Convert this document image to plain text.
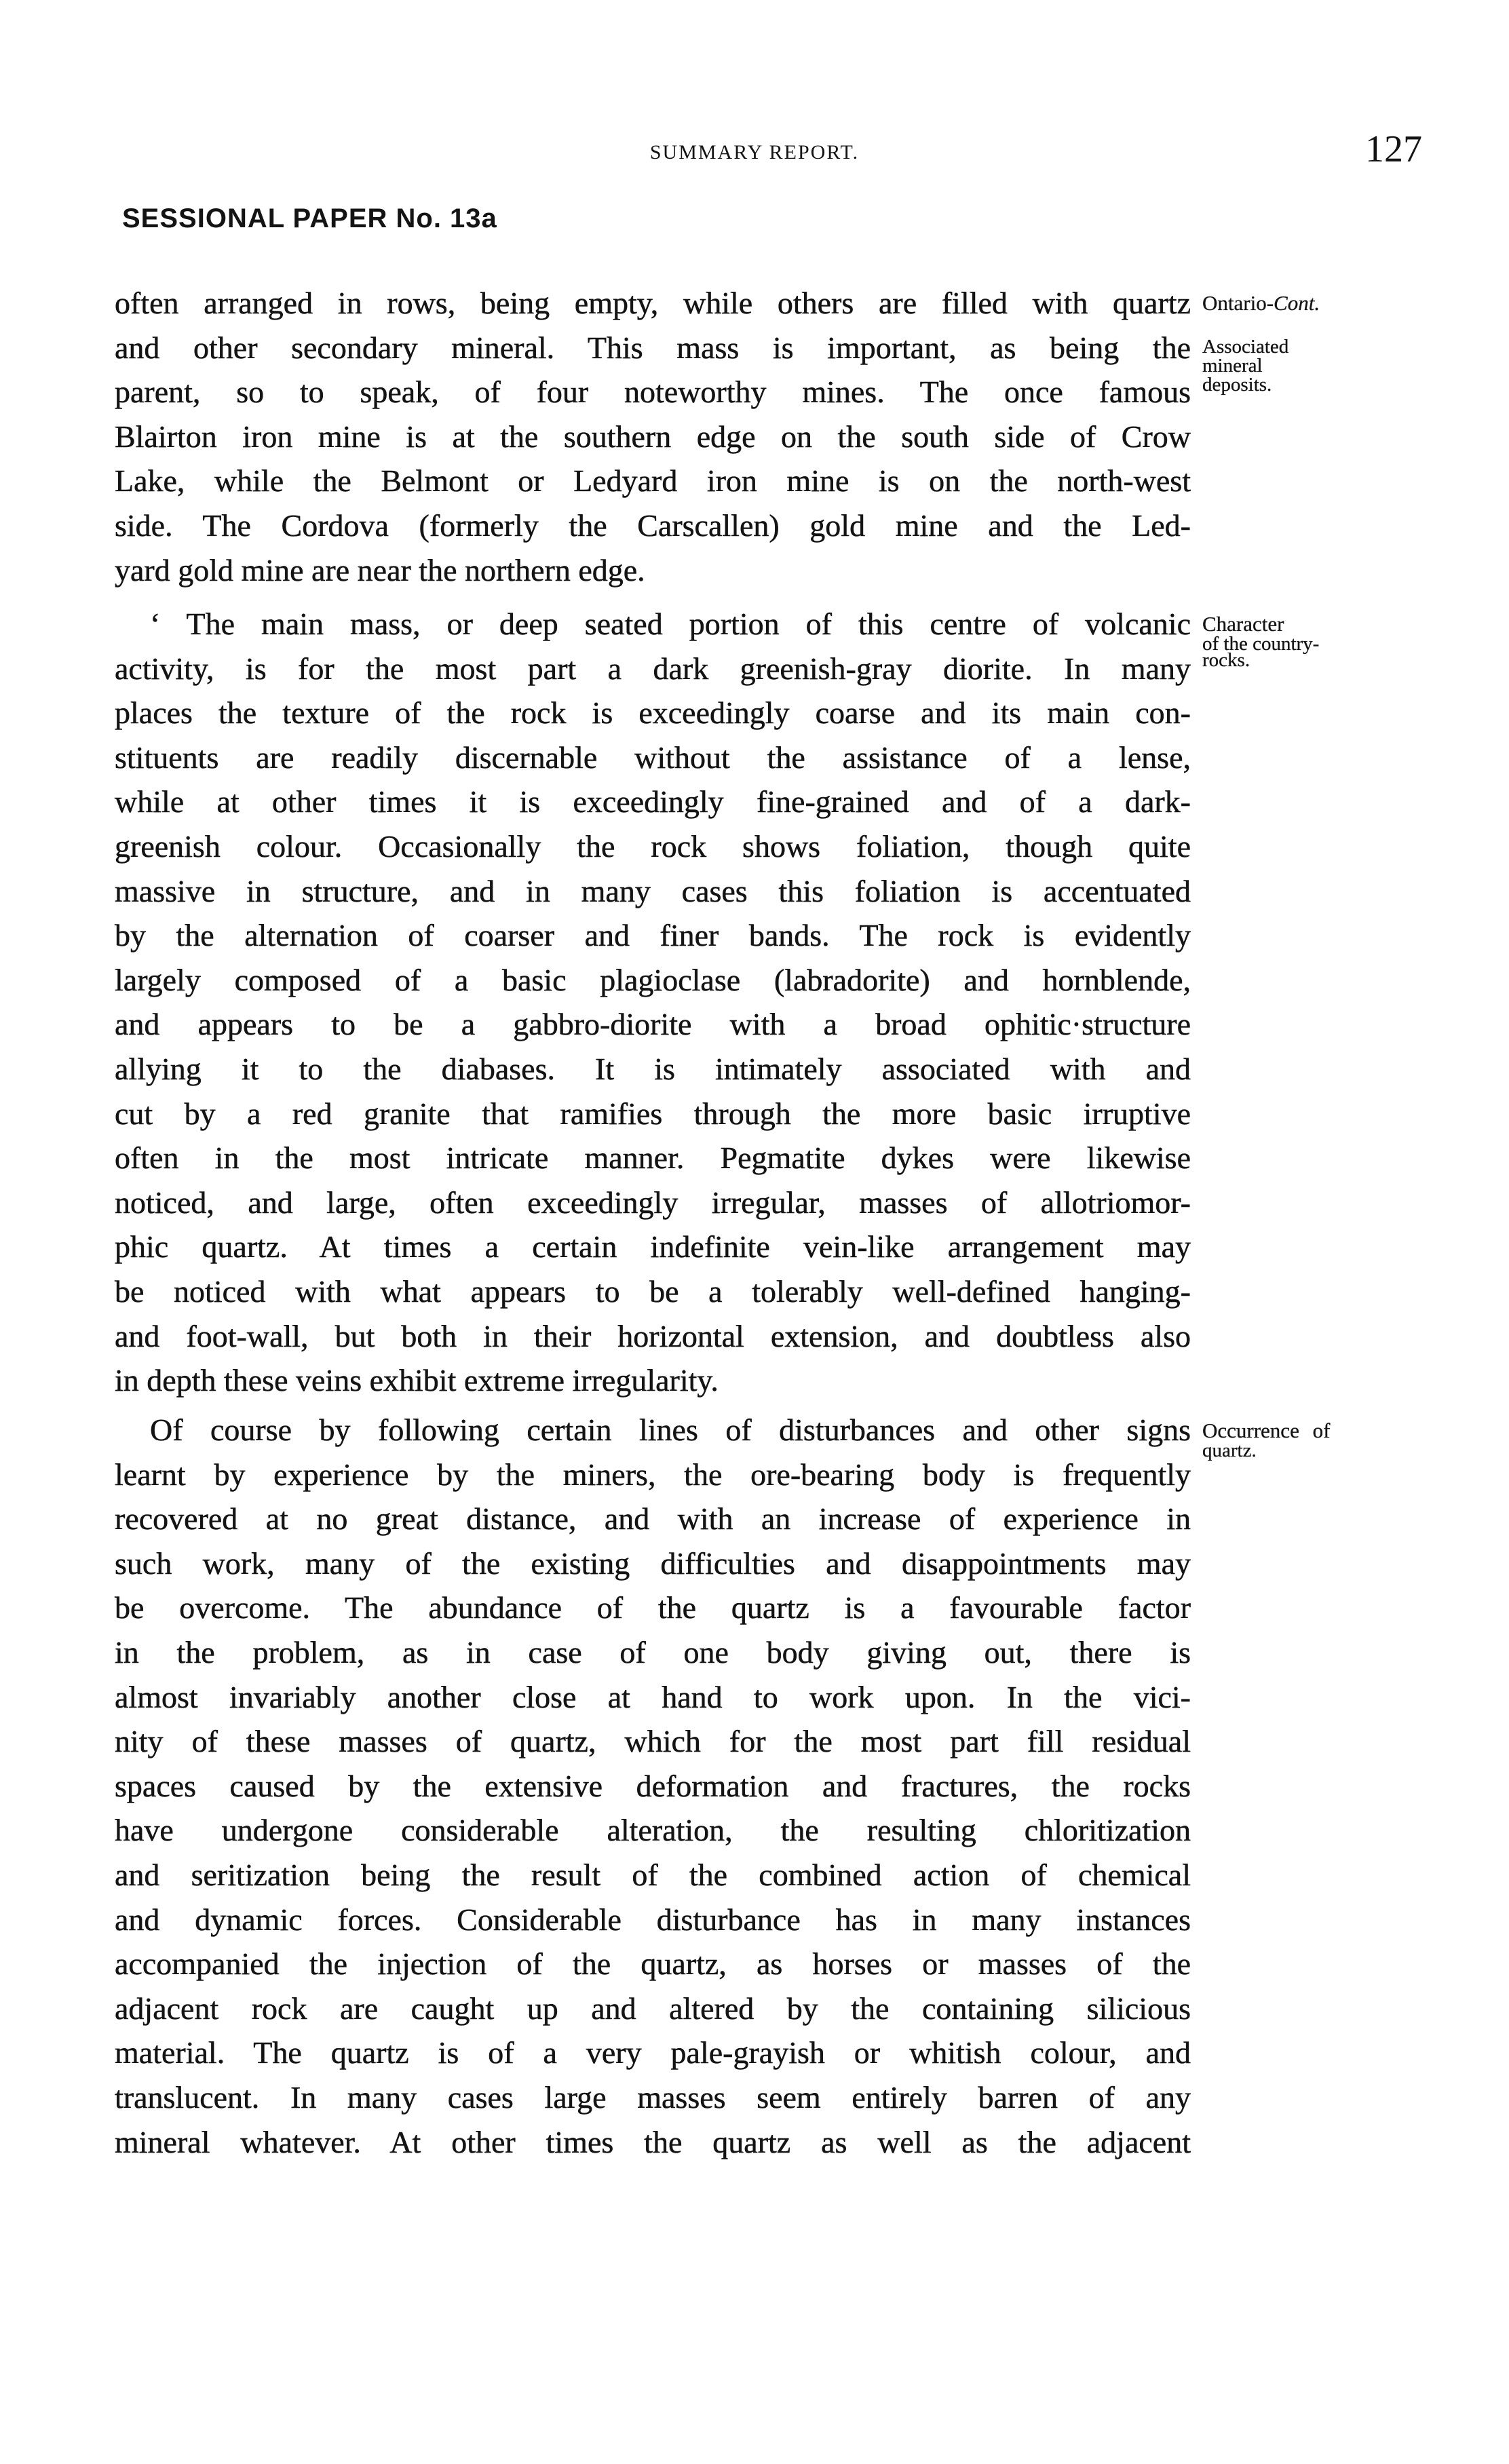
SUMMARY REPORT.	127
SESSIONAL PAPER No. 13a
often arranged in rows, being empty, while others are filled with quartz
and other secondary mineral. This mass is important, as being the
parent, so to speak, of four noteworthy mines. The once famous
Blairton iron mine is at the southern edge on the south side of Crow
Lake, while the Belmont or Ledyard iron mine is on the north-west
side. The Cordova (formerly the Carscallen) gold mine and the Led-
yard gold mine are near the northern edge.
‘ The main mass, or deep seated portion of this centre of volcanic
activity, is for the most part a dark greenish-gray diorite. In many
places the texture of the rock is exceedingly coarse and its main con-
stituents are readily discernable without the assistance of a lense,
while at other times it is exceedingly fine-grained and of a dark-
greenish colour. Occasionally the rock shows foliation, though quite
massive in structure, and in many cases this foliation is accentuated
by the alternation of coarser and finer bands. The rock is evidently
largely composed of a basic plagioclase (labradorite) and hornblende,
and appears to be a gabbro-diorite with a broad ophitic·structure
allying it to the diabases. It is intimately associated with and
cut by a red granite that ramifies through the more basic irruptive
often in the most intricate manner. Pegmatite dykes were likewise
noticed, and large, often exceedingly irregular, masses of allotriomor-
phic quartz. At times a certain indefinite vein-like arrangement may
be noticed with what appears to be a tolerably well-defined hanging-
and foot-wall, but both in their horizontal extension, and doubtless also
in depth these veins exhibit extreme irregularity.
Of course by following certain lines of disturbances and other signs
learnt by experience by the miners, the ore-bearing body is frequently
recovered at no great distance, and with an increase of experience in
such work, many of the existing difficulties and disappointments may
be overcome. The abundance of the quartz is a favourable factor
in the problem, as in case of one body giving out, there is
almost invariably another close at hand to work upon. In the vici-
nity of these masses of quartz, which for the most part fill residual
spaces caused by the extensive deformation and fractures, the rocks
have undergone considerable alteration, the resulting chloritization
and seritization being the result of the combined action of chemical
and dynamic forces. Considerable disturbance has in many instances
accompanied the injection of the quartz, as horses or masses of the
adjacent rock are caught up and altered by the containing silicious
material. The quartz is of a very pale-grayish or whitish colour, and
translucent. In many cases large masses seem entirely barren of any
mineral whatever. At other times the quartz as well as the adjacent
Ontario-Cont.
Associated
mineral
deposits.
Character
of the country-
rocks.
Occurrence of
quartz.
